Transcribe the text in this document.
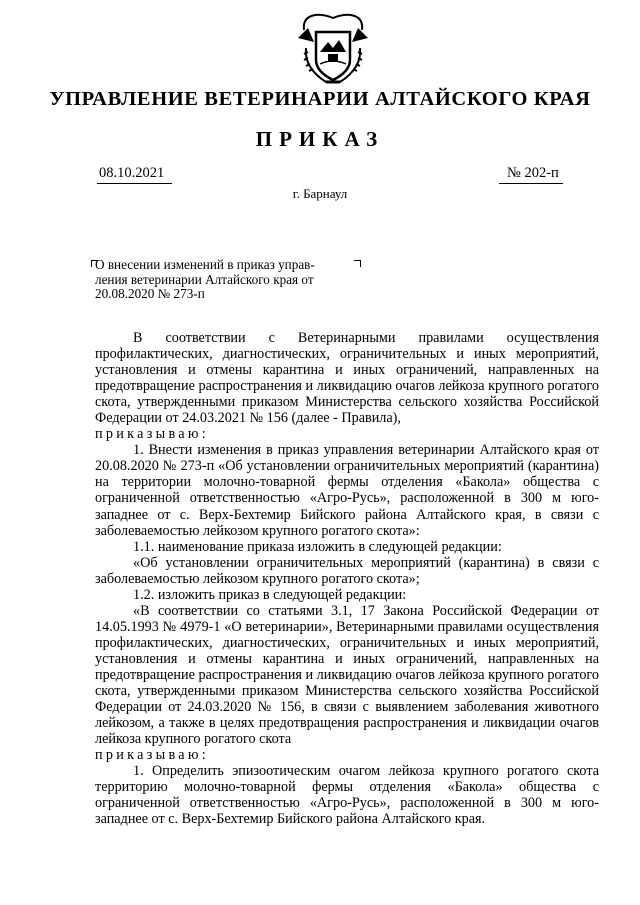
УПРАВЛЕНИЕ ВЕТЕРИНАРИИ АЛТАЙСКОГО КРАЯ
ПРИКАЗ
08.10.2021	№ 202-п
г. Барнаул
О внесении изменений в приказ управ-
ления ветеринарии Алтайского края от
20.08.2020 № 273-п

В соответствии с Ветеринарными правилами осуществления профилактических, диагностических, ограничительных и иных мероприятий, установления и отмены карантина и иных ограничений, направленных на предотвращение распространения и ликвидацию очагов лейкоза крупного рогатого скота, утвержденными приказом Министерства сельского хозяйства Российской Федерации от 24.03.2021 № 156 (далее - Правила),

приказываю:

1. Внести изменения в приказ управления ветеринарии Алтайского края от 20.08.2020 № 273-п «Об установлении ограничительных мероприятий (карантина) на территории молочно-товарной фермы отделения «Бакола» общества с ограниченной ответственностью «Агро-Русь», расположенной в 300 м юго-западнее от с. Верх-Бехтемир Бийского района Алтайского края, в связи с заболеваемостью лейкозом крупного рогатого скота»:

1.1. наименование приказа изложить в следующей редакции:

«Об установлении ограничительных мероприятий (карантина) в связи с заболеваемостью лейкозом крупного рогатого скота»;

1.2. изложить приказ в следующей редакции:

«В соответствии со статьями 3.1, 17 Закона Российской Федерации от 14.05.1993 № 4979-1 «О ветеринарии», Ветеринарными правилами осуществления профилактических, диагностических, ограничительных и иных мероприятий, установления и отмены карантина и иных ограничений, направленных на предотвращение распространения и ликвидацию очагов лейкоза крупного рогатого скота, утвержденными приказом Министерства сельского хозяйства Российской Федерации от 24.03.2020 № 156, в связи с выявлением заболевания животного лейкозом, а также в целях предотвращения распространения и ликвидации очагов лейкоза крупного рогатого скота

приказываю:

1. Определить эпизоотическим очагом лейкоза крупного рогатого скота территорию молочно-товарной фермы отделения «Бакола» общества с ограниченной ответственностью «Агро-Русь», расположенной в 300 м юго-западнее от с. Верх-Бехтемир Бийского района Алтайского края.
